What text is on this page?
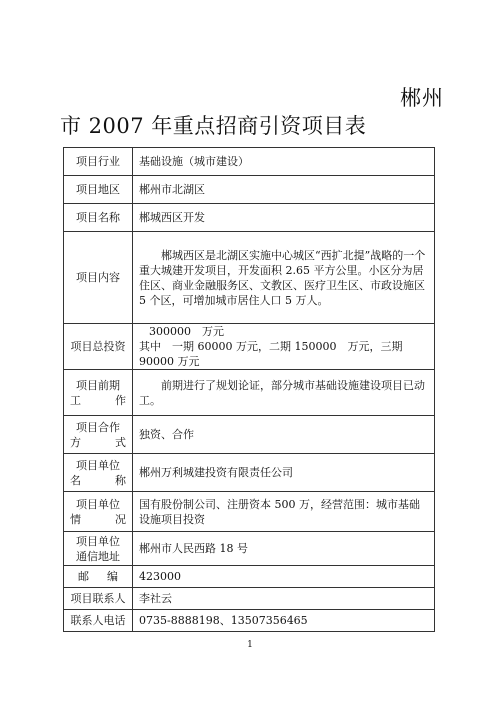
郴州
市 2007 年重点招商引资项目表
项目行业	基础设施（城市建设）
项目地区	郴州市北湖区
项目名称	郴城西区开发
项目内容	郴城西区是北湖区实施中心城区“西扩北提”战略的一个重大城建开发项目，开发面积 2.65 平方公里。小区分为居住区、商业金融服务区、文教区、医疗卫生区、市政设施区 5 个区，可增加城市居住人口 5 万人。
项目总投资	300000　万元
其中　一期 60000 万元，二期 150000　万元，三期 90000 万元

项目前期
工 作	前期进行了规划论证，部分城市基础设施建设项目已动工。

项目合作
方 式	独资、合作

项目单位
名 称	郴州万利城建投资有限责任公司

项目单位
情 况	国有股份制公司、注册资本 500 万，经营范围：城市基础设施项目投资

项目单位
通信地址	郴州市人民西路 18 号

邮 编	423000
项目联系人	李社云
联系人电话	0735-8888198、13507356465
1
